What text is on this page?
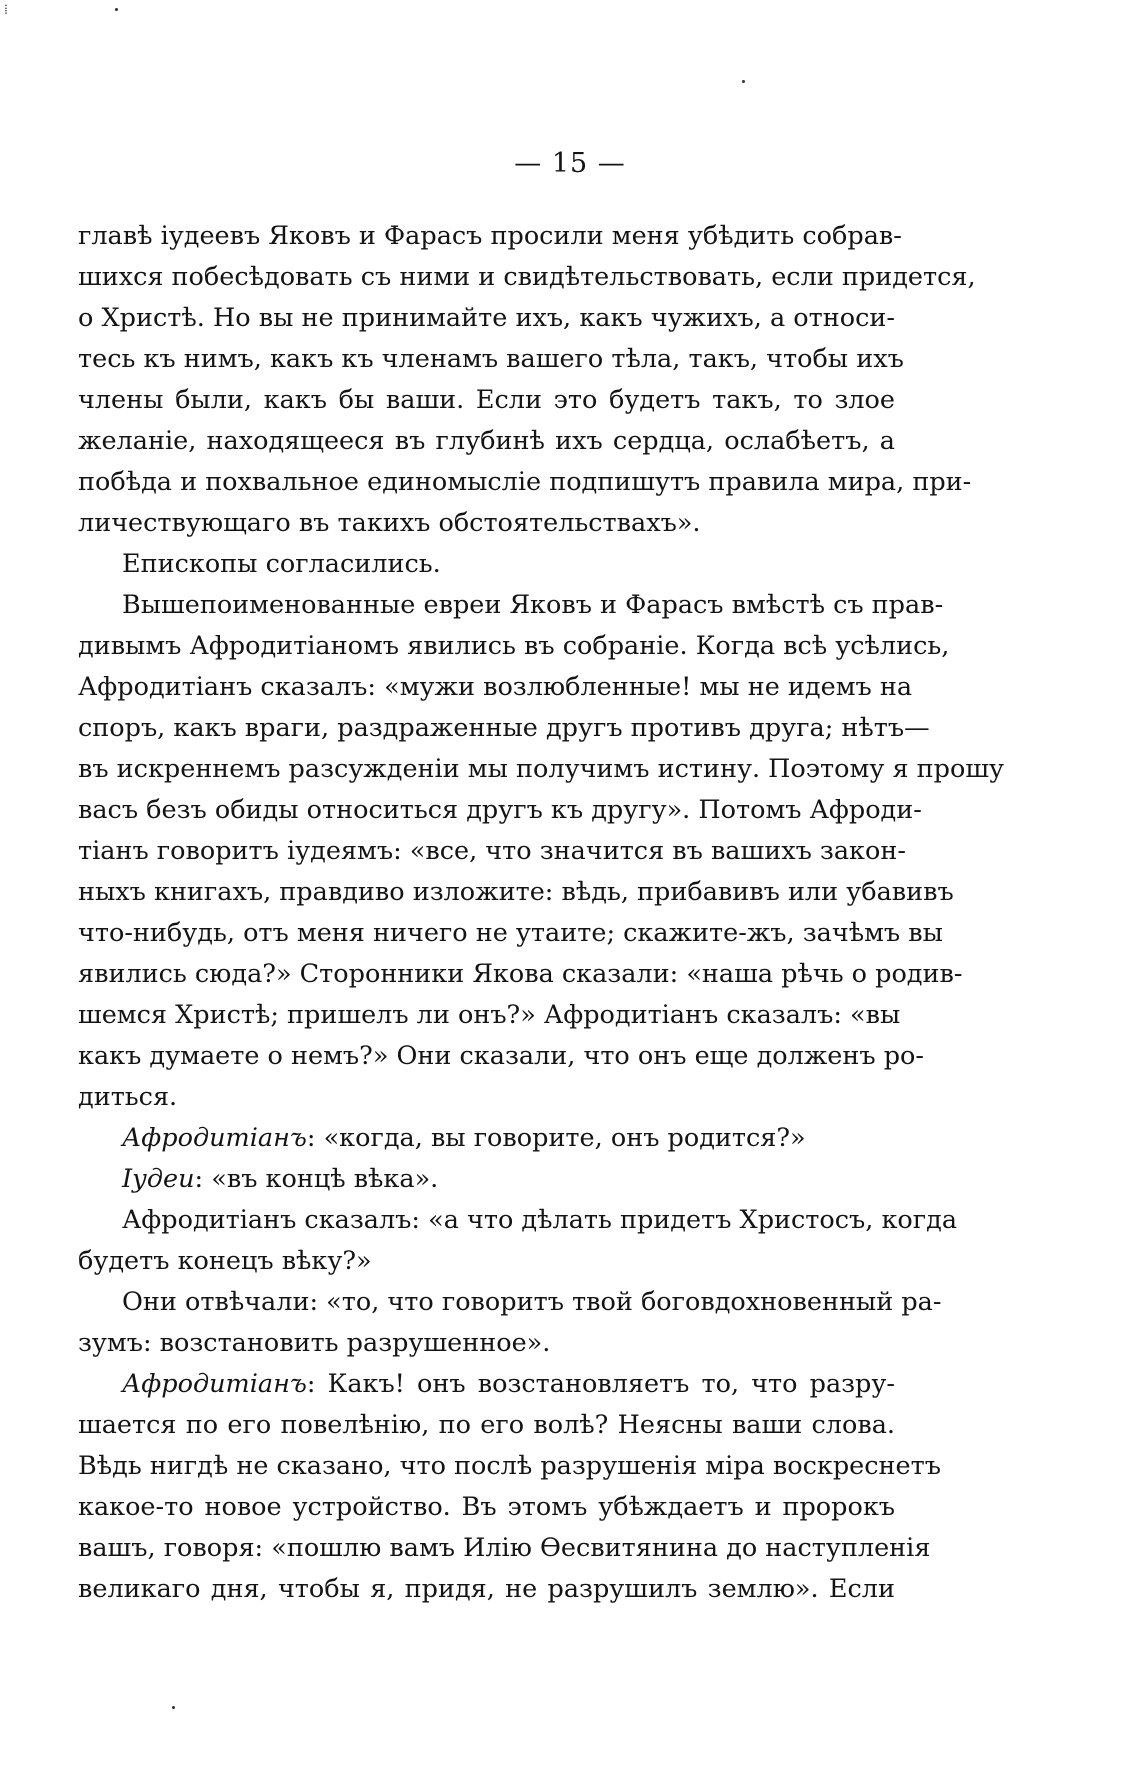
⁞
— 15 —
главѣ іудеевъ Яковъ и Фарасъ просили меня убѣдить собрав-
шихся побесѣдовать съ ними и свидѣтельствовать, если придется,
о Христѣ. Но вы не принимайте ихъ, какъ чужихъ, а относи-
тесь къ нимъ, какъ къ членамъ вашего тѣла, такъ, чтобы ихъ
члены были, какъ бы ваши. Если это будетъ такъ, то злое
желаніе, находящееся въ глубинѣ ихъ сердца, ослабѣетъ, а
побѣда и похвальное единомысліе подпишутъ правила мира, при-
личествующаго въ такихъ обстоятельствахъ».
Епископы согласились.
Вышепоименованные евреи Яковъ и Фарасъ вмѣстѣ съ прав-
дивымъ Афродитіаномъ явились въ собраніе. Когда всѣ усѣлись,
Афродитіанъ сказалъ: «мужи возлюбленные! мы не идемъ на
споръ, какъ враги, раздраженные другъ противъ друга; нѣтъ—
въ искреннемъ разсужденіи мы получимъ истину. Поэтому я прошу
васъ безъ обиды относиться другъ къ другу». Потомъ Афроди-
тіанъ говоритъ іудеямъ: «все, что значится въ вашихъ закон-
ныхъ книгахъ, правдиво изложите: вѣдь, прибавивъ или убавивъ
что-нибудь, отъ меня ничего не утаите; скажите-жъ, зачѣмъ вы
явились сюда?» Сторонники Якова сказали: «наша рѣчь о родив-
шемся Христѣ; пришелъ ли онъ?» Афродитіанъ сказалъ: «вы
какъ думаете о немъ?» Они сказали, что онъ еще долженъ ро-
диться.
Афродитіанъ: «когда, вы говорите, онъ родится?»
Іудеи: «въ концѣ вѣка».
Афродитіанъ сказалъ: «а что дѣлать придетъ Христосъ, когда
будетъ конецъ вѣку?»
Они отвѣчали: «то, что говоритъ твой боговдохновенный ра-
зумъ: возстановить разрушенное».
Афродитіанъ: Какъ! онъ возстановляетъ то, что разру-
шается по его повелѣнію, по его волѣ? Неясны ваши слова.
Вѣдь нигдѣ не сказано, что послѣ разрушенія міра воскреснетъ
какое-то новое устройство. Въ этомъ убѣждаетъ и пророкъ
вашъ, говоря: «пошлю вамъ Илію Ѳесвитянина до наступленія
великаго дня, чтобы я, придя, не разрушилъ землю». Если
